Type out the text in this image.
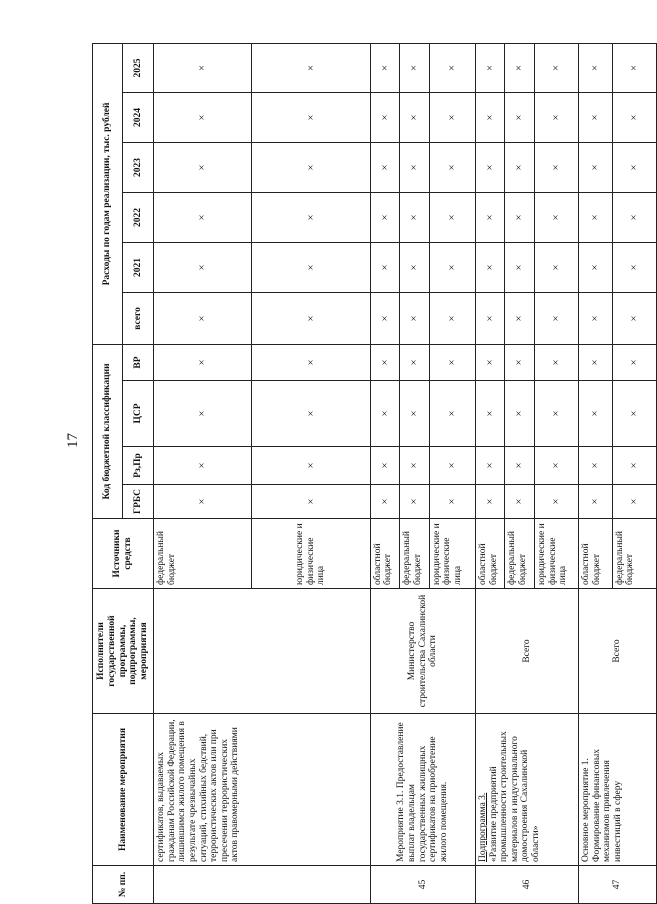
17
№ пп.	Наименование мероприятия	Исполнители государственной программы, подпрограммы, мероприятия	Источники средств	Код бюджетной классификации				Расходы по годам реализации, тыс. рублей					
				ГРБС	Рз,Пр	ЦСР	ВР	всего	2021	2022	2023	2024	2025
	сертификатов, выдаваемых гражданам Российской Федерации, лишившимся жилого помещения в результате чрезвычайных ситуаций, стихийных бедствий, террористических актов или при пресечении террористических актов правомерными действиями		федеральный бюджет	×	×	×	×	×	×	×	×	×	×
			юридические и физические лица	×	×	×	×	×	×	×	×	×	×
45	Мероприятие 3.1. Предоставление выплат владельцам государственных жилищных сертификатов на приобретение жилого помещения.	Министерство строительства Сахалинской области	областной бюджет	×	×	×	×	×	×	×	×	×	×
			федеральный бюджет	×	×	×	×	×	×	×	×	×	×
			юридические и физические лица	×	×	×	×	×	×	×	×	×	×
46	Подпрограмма 3. «Развитие предприятий промышленности строительных материалов и индустриального домостроения Сахалинской области»	Всего	областной бюджет	×	×	×	×	×	×	×	×	×	×
			федеральный бюджет	×	×	×	×	×	×	×	×	×	×
			юридические и физические лица	×	×	×	×	×	×	×	×	×	×
47	Основное мероприятие 1. Формирование финансовых механизмов привлечения инвестиций в сферу	Всего	областной бюджет	×	×	×	×	×	×	×	×	×	×
			федеральный бюджет	×	×	×	×	×	×	×	×	×	×
